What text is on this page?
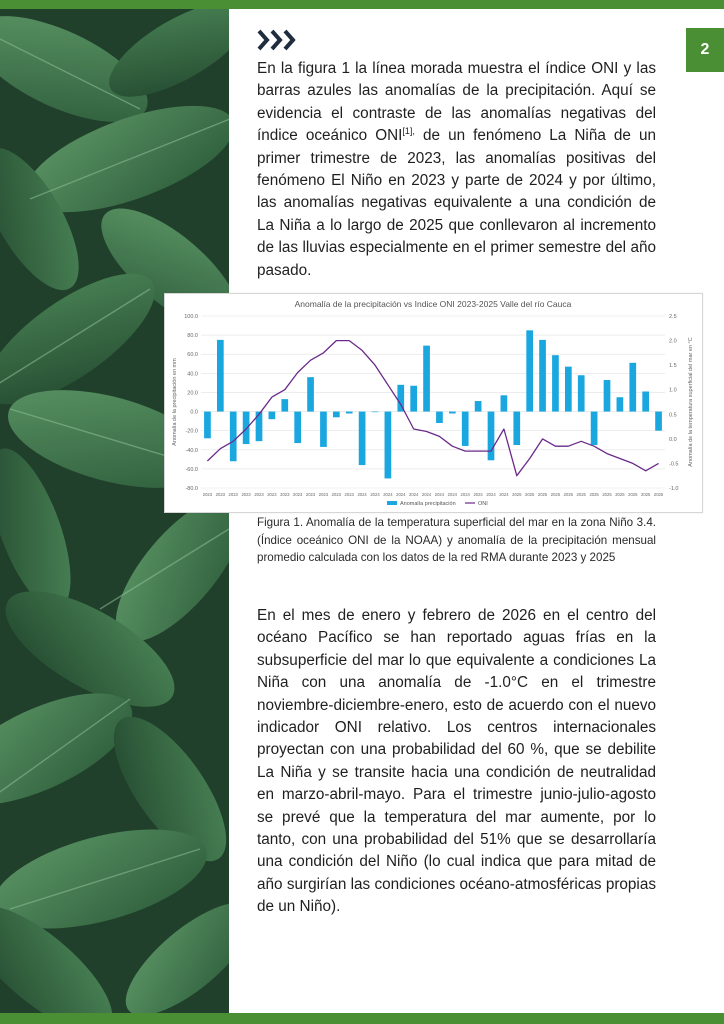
2
En la figura 1 la línea morada muestra el índice ONI y las barras azules las anomalías de la precipitación. Aquí se evidencia el contraste de las anomalías negativas del índice oceánico $ONI^{[1],}$ de un fenómeno La Niña de un primer trimestre de 2023, las anomalías positivas del fenómeno El Niño en 2023 y parte de 2024 y por último, las anomalías negativas equivalente a una condición de La Niña a lo largo de 2025 que conllevaron al incremento de las lluvias especialmente en el primer semestre del año pasado.
Anomalía de la precipitación vs Indice ONI 2023-2025 Valle del río Cauca
Anomalía de la precipitación en mm	Anomalía de la temperatura superficial del mar en °C
100.0
80.0
60.0
40.0
20.0
0.0
-20.0
-40.0
-60.0
-80.0
2.5
2.0
1.5
1.0
0.5
0.0
-0.5
-1.0
2023 2023 2023 2023 2023 2023 2023 2023 2023 2023 2023 2023 2024 2024 2024 2024 2024 2024 2024 2024 2024 2024 2024 2024 2025 2025 2025 2025 2025 2025 2025 2025 2025 2025 2025 2025
Anomalía precipitación	ONI
Figura 1. Anomalía de la temperatura superficial del mar en la zona Niño 3.4.(Índice oceánico ONI de la NOAA) y anomalía de la precipitación mensual promedio calculada con los datos de la red RMA durante 2023 y 2025
En el mes de enero y febrero de 2026 en el centro del océano Pacífico se han reportado aguas frías en la subsuperficie del mar lo que equivalente a condiciones La Niña con una anomalía de -1.0°C en el trimestre noviembre-diciembre-enero, esto de acuerdo con el nuevo indicador ONI relativo. Los centros internacionales proyectan con una probabilidad del 60 %, que se debilite La Niña y se transite hacia una condición de neutralidad en marzo-abril-mayo. Para el trimestre junio-julio-agosto se prevé que la temperatura del mar aumente, por lo tanto, con una probabilidad del 51% que se desarrollaría una condición del Niño (lo cual indica que para mitad de año surgirían las condiciones océano-atmosféricas propias de un Niño).
